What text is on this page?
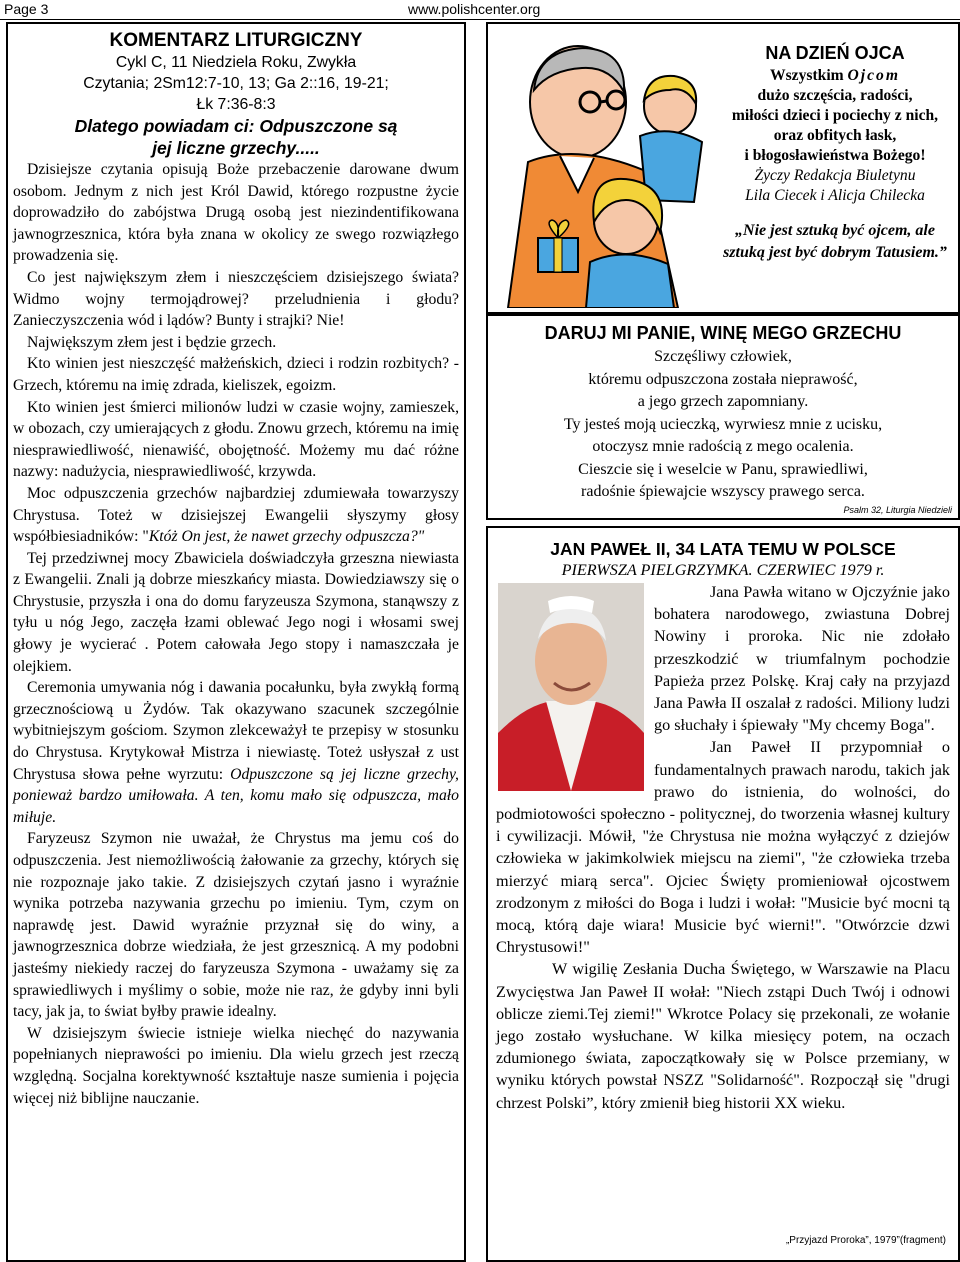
Page 3	www.polishcenter.org
KOMENTARZ LITURGICZNY
Cykl C, 11 Niedziela Roku, Zwykła
Czytania; 2Sm12:7-10, 13; Ga 2::16, 19-21;
Łk 7:36-8:3
Dlatego powiadam ci: Odpuszczone są
jej liczne grzechy.....

Dzisiejsze czytania opisują Boże przebaczenie darowane dwum osobom. Jednym z nich jest Król Dawid, którego rozpustne życie doprowadziło do zabójstwa Drugą osobą jest niezindentifikowana jawnogrzesznica, która była znana w okolicy ze swego rozwiązłego prowadzenia się.

Co jest największym złem i nieszczęściem dzisiejszego świata? Widmo wojny termojądrowej? przeludnienia i głodu? Zanieczyszczenia wód i lądów? Bunty i strajki? Nie!

Największym złem jest i będzie grzech.

Kto winien jest nieszczęść małżeńskich, dzieci i rodzin rozbitych? - Grzech, któremu na imię zdrada, kieliszek, egoizm.

Kto winien jest śmierci milionów ludzi w czasie wojny, zamieszek, w obozach, czy umierających z głodu. Znowu grzech, któremu na imię niesprawiedliwość, nienawiść, obojętność. Możemy mu dać różne nazwy: nadużycia, niesprawiedliwość, krzywda.

Moc odpuszczenia grzechów najbardziej zdumiewała towarzyszy Chrystusa. Toteż w dzisiejszej Ewangelii słyszymy głosy współbiesiadników: "Któż On jest, że nawet grzechy odpuszcza?"

Tej przedziwnej mocy Zbawiciela doświadczyła grzeszna niewiasta z Ewangelii. Znali ją dobrze mieszkańcy miasta. Dowiedziawszy się o Chrystusie, przyszła i ona do domu faryzeusza Szymona, stanąwszy z tyłu u nóg Jego, zaczęła łzami oblewać Jego nogi i włosami swej głowy je wycierać . Potem całowała Jego stopy i namaszczała je olejkiem.

Ceremonia umywania nóg i dawania pocałunku, była zwykłą formą grzecznościową u Żydów. Tak okazywano szacunek szczególnie wybitniejszym gościom. Szymon zlekceważył te przepisy w stosunku do Chrystusa. Krytykował Mistrza i niewiastę. Toteż usłyszał z ust Chrystusa słowa pełne wyrzutu: Odpuszczone są jej liczne grzechy, ponieważ bardzo umiłowała. A ten, komu mało się odpuszcza, mało miłuje.

Faryzeusz Szymon nie uważał, że Chrystus ma jemu coś do odpuszczenia. Jest niemożliwością żałowanie za grzechy, których się nie rozpoznaje jako takie. Z dzisiejszych czytań jasno i wyraźnie wynika potrzeba nazywania grzechu po imieniu. Tym, czym on naprawdę jest. Dawid wyraźnie przyznał się do winy, a jawnogrzesznica dobrze wiedziała, że jest grzesznicą. A my podobni jasteśmy niekiedy raczej do faryzeusza Szymona - uważamy się za sprawiedliwych i myślimy o sobie, może nie raz, że gdyby inni byli tacy, jak ja, to świat byłby prawie idealny.

W dzisiejszym świecie istnieje wielka niechęć do nazywania popełnianych nieprawości po imieniu. Dla wielu grzech jest rzeczą względną. Socjalna korektywność kształtuje nasze sumienia i pojęcia więcej niż biblijne nauczanie.

NA DZIEŃ OJCA
Wszystkim Ojcom
dużo szczęścia, radości,
miłości dzieci i pociechy z nich,
oraz obfitych łask,
i błogosławieństwa Bożego!
Życzy Redakcja Biuletynu
Lila Ciecek i Alicja Chilecka
„Nie jest sztuką być ojcem, ale sztuką jest być dobrym Tatusiem.”
DARUJ MI PANIE, WINĘ MEGO GRZECHU
Szczęśliwy człowiek,
któremu odpuszczona została nieprawość,
a jego grzech zapomniany.
Ty jesteś moją ucieczką, wyrwiesz mnie z ucisku,
otoczysz mnie radością z mego ocalenia.
Cieszcie się i weselcie w Panu, sprawiedliwi,
radośnie śpiewajcie wszyscy prawego serca.
Psalm 32, Liturgia Niedzieli
JAN PAWEŁ II, 34 LATA TEMU W POLSCE
PIERWSZA PIELGRZYMKA. CZERWIEC 1979 r.

Jana Pawła witano w Ojczyźnie jako bohatera narodowego, zwiastuna Dobrej Nowiny i proroka. Nic nie zdołało przeszkodzić w triumfalnym pochodzie Papieża przez Polskę. Kraj cały na przyjazd Jana Pawła II oszalał z radości. Miliony ludzi go słuchały i śpiewały "My chcemy Boga".

Jan Paweł II przypomniał o fundamentalnych prawach narodu, takich jak prawo do istnienia, do wolności, do podmiotowości społeczno - politycznej, do tworzenia własnej kultury i cywilizacji. Mówił, "że Chrystusa nie można wyłączyć z dziejów człowieka w jakimkolwiek miejscu na ziemi", "że człowieka trzeba mierzyć miarą serca". Ojciec Święty promieniował ojcostwem zrodzonym z miłości do Boga i ludzi i wołał: "Musicie być mocni tą mocą, którą daje wiara! Musicie być wierni!". "Otwórzcie dzwi Chrystusowi!"

W wigilię Zesłania Ducha Świętego, w Warszawie na Placu Zwycięstwa Jan Paweł II wołał: "Niech zstąpi Duch Twój i odnowi oblicze ziemi.Tej ziemi!" Wkrotce Polacy się przekonali, ze wołanie jego zostało wysłuchane. W kilka miesięcy potem, na oczach zdumionego świata, zapoczątkowały się w Polsce przemiany, w wyniku których powstał NSZZ "Solidarność". Rozpoczął się "drugi chrzest Polski”, który zmienił bieg historii XX wieku.

„Przyjazd Proroka”, 1979”(fragment)
